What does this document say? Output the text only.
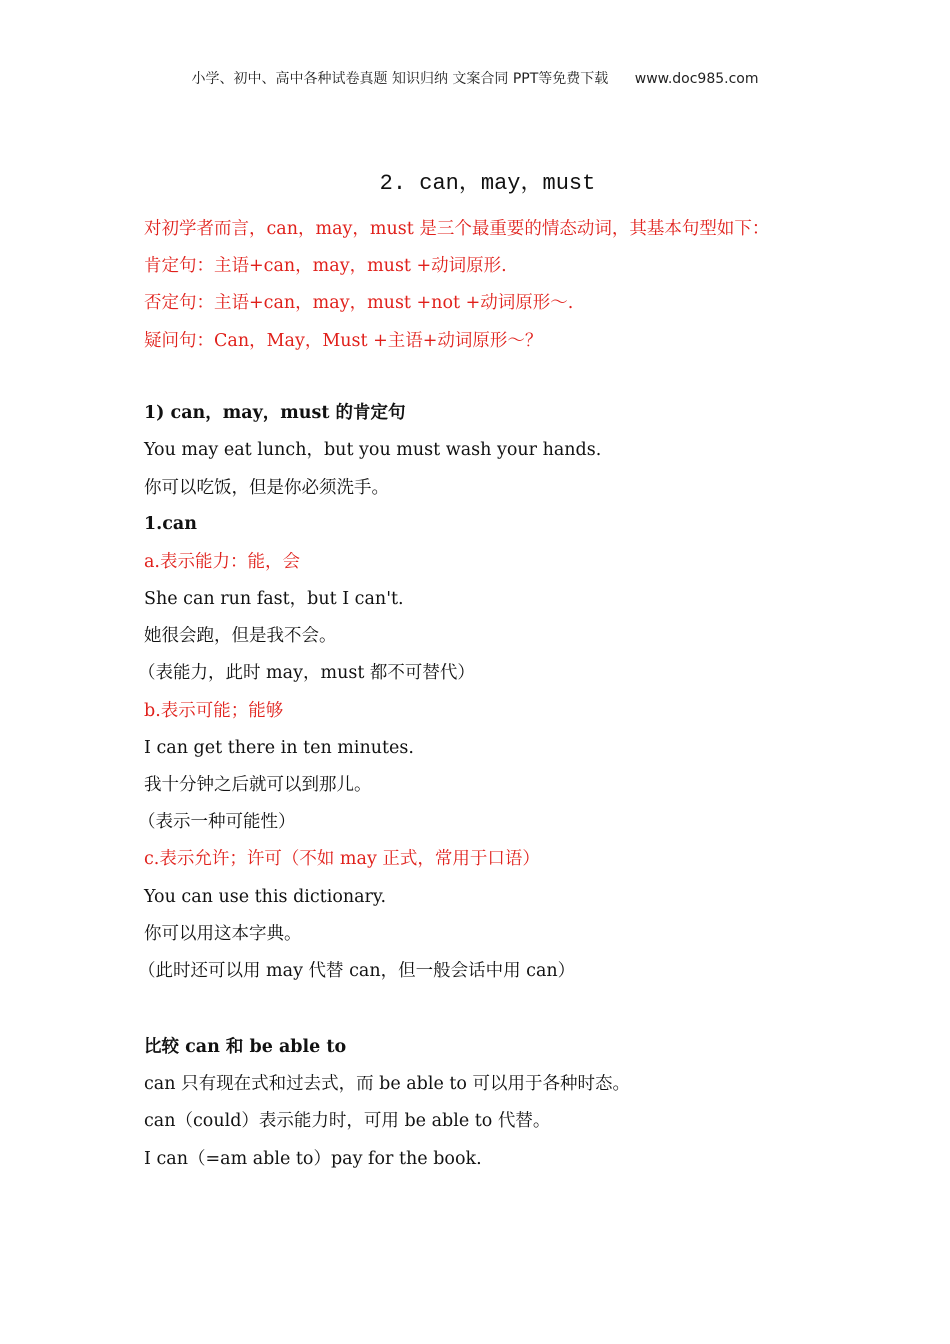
小学、初中、高中各种试卷真题 知识归纳 文案合同 PPT等免费下载 www.doc985.com
2. can，may，must
对初学者而言，can，may，must 是三个最重要的情态动词，其基本句型如下：
肯定句：主语+can，may，must +动词原形.
否定句：主语+can，may，must +not +动词原形～.
疑问句：Can，May，Must +主语+动词原形～？
1) can，may，must 的肯定句
You may eat lunch，but you must wash your hands.
你可以吃饭，但是你必须洗手。
1.can
a.表示能力：能，会
She can run fast，but I can't.
她很会跑，但是我不会。
（表能力，此时 may，must 都不可替代）
b.表示可能；能够
I can get there in ten minutes.
我十分钟之后就可以到那儿。
（表示一种可能性）
c.表示允许；许可（不如 may 正式，常用于口语）
You can use this dictionary.
你可以用这本字典。
（此时还可以用 may 代替 can，但一般会话中用 can）
比较 can 和 be able to
can 只有现在式和过去式，而 be able to 可以用于各种时态。
can（could）表示能力时，可用 be able to 代替。
I can（=am able to）pay for the book.
